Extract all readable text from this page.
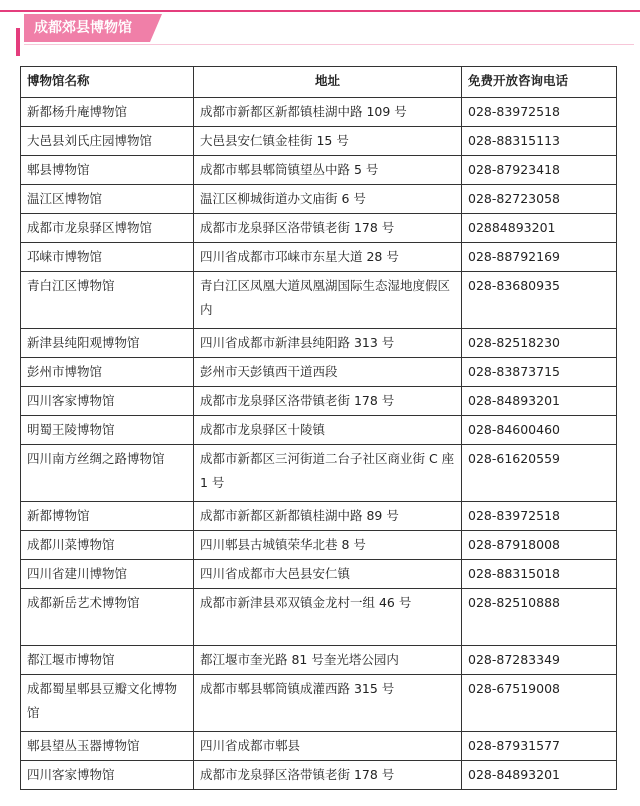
成都郊县博物馆
博物馆名称	地址	免费开放咨询电话
新都杨升庵博物馆	成都市新都区新都镇桂湖中路 109 号	028-83972518
大邑县刘氏庄园博物馆	大邑县安仁镇金桂街 15 号	028-88315113
郫县博物馆	成都市郫县郫筒镇望丛中路 5 号	028-87923418
温江区博物馆	温江区柳城街道办文庙街 6 号	028-82723058
成都市龙泉驿区博物馆	成都市龙泉驿区洛带镇老街 178 号	02884893201
邛崃市博物馆	四川省成都市邛崃市东星大道 28 号	028-88792169
青白江区博物馆	青白江区凤凰大道凤凰湖国际生态湿地度假区内	028-83680935
新津县纯阳观博物馆	四川省成都市新津县纯阳路 313 号	028-82518230
彭州市博物馆	彭州市天彭镇西干道西段	028-83873715
四川客家博物馆	成都市龙泉驿区洛带镇老街 178 号	028-84893201
明蜀王陵博物馆	成都市龙泉驿区十陵镇	028-84600460
四川南方丝绸之路博物馆	成都市新都区三河街道二台子社区商业街 C 座 1 号	028-61620559
新都博物馆	成都市新都区新都镇桂湖中路 89 号	028-83972518
成都川菜博物馆	四川郫县古城镇荣华北巷 8 号	028-87918008
四川省建川博物馆	四川省成都市大邑县安仁镇	028-88315018
成都新岳艺术博物馆	成都市新津县邓双镇金龙村一组 46 号	028-82510888
都江堰市博物馆	都江堰市奎光路 81 号奎光塔公园内	028-87283349
成都蜀星郫县豆瓣文化博物馆	成都市郫县郫筒镇成灌西路 315 号	028-67519008
郫县望丛玉器博物馆	四川省成都市郫县	028-87931577
四川客家博物馆	成都市龙泉驿区洛带镇老街 178 号	028-84893201
